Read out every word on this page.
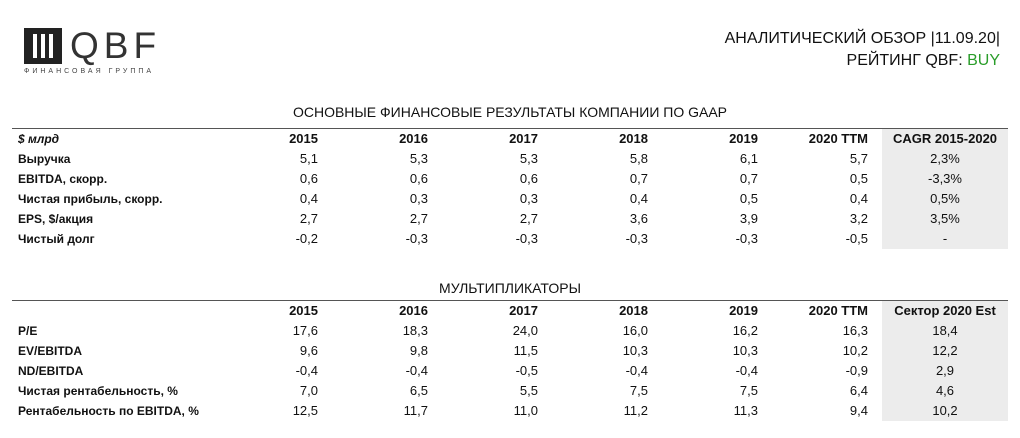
QBF
ФИНАНСОВАЯ ГРУППА
АНАЛИТИЧЕСКИЙ ОБЗОР |11.09.20|
РЕЙТИНГ QBF: BUY
ОСНОВНЫЕ ФИНАНСОВЫЕ РЕЗУЛЬТАТЫ КОМПАНИИ ПО GAAP
$ млрд	2015	2016	2017	2018	2019	2020 TTM	CAGR 2015-2020
Выручка	5,1	5,3	5,3	5,8	6,1	5,7	2,3%
EBITDA, скорр.	0,6	0,6	0,6	0,7	0,7	0,5	-3,3%
Чистая прибыль, скорр.	0,4	0,3	0,3	0,4	0,5	0,4	0,5%
EPS, $/акция	2,7	2,7	2,7	3,6	3,9	3,2	3,5%
Чистый долг	-0,2	-0,3	-0,3	-0,3	-0,3	-0,5	-
МУЛЬТИПЛИКАТОРЫ
	2015	2016	2017	2018	2019	2020 TTM	Сектор 2020 Est
P/E	17,6	18,3	24,0	16,0	16,2	16,3	18,4
EV/EBITDA	9,6	9,8	11,5	10,3	10,3	10,2	12,2
ND/EBITDA	-0,4	-0,4	-0,5	-0,4	-0,4	-0,9	2,9
Чистая рентабельность, %	7,0	6,5	5,5	7,5	7,5	6,4	4,6
Рентабельность по EBITDA, %	12,5	11,7	11,0	11,2	11,3	9,4	10,2
